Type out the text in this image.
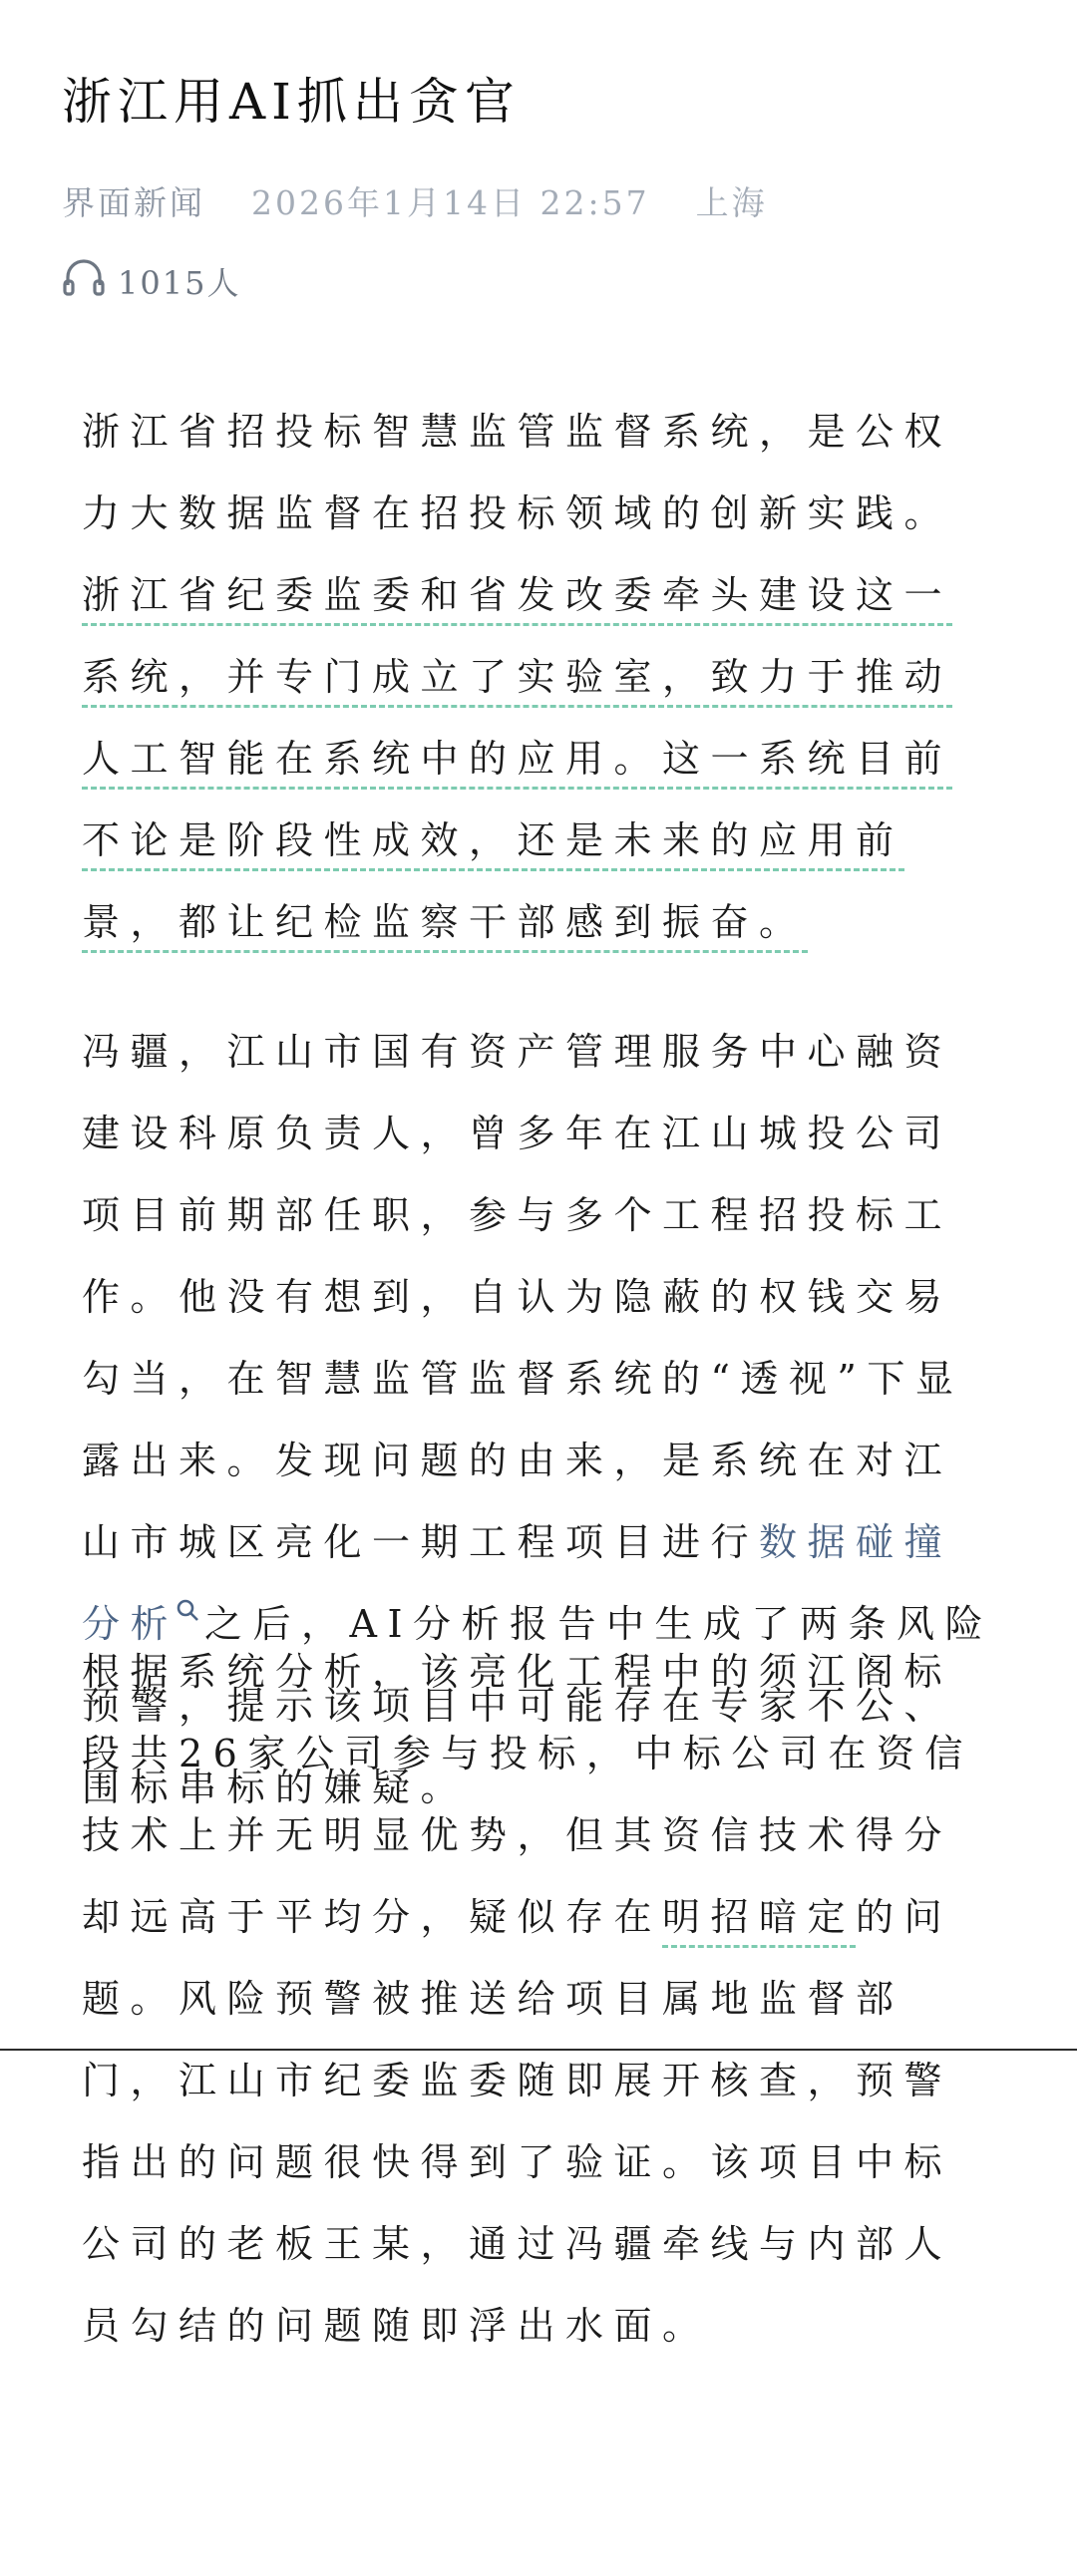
浙江用AI抓出贪官
界面新闻 2026年1月14日 22:57 上海
1015人

浙江省招投标智慧监管监督系统，是公权力大数据监督在招投标领域的创新实践。浙江省纪委监委和省发改委牵头建设这一系统，并专门成立了实验室，致力于推动人工智能在系统中的应用。这一系统目前不论是阶段性成效，还是未来的应用前景，都让纪检监察干部感到振奋。

冯疆，江山市国有资产管理服务中心融资建设科原负责人，曾多年在江山城投公司项目前期部任职，参与多个工程招投标工作。他没有想到，自认为隐蔽的权钱交易勾当，在智慧监管监督系统的“透视”下显露出来。发现问题的由来，是系统在对江山市城区亮化一期工程项目进行数据碰撞分析 之后，AI分析报告中生成了两条风险预警，提示该项目中可能存在专家不公、围标串标的嫌疑。

根据系统分析，该亮化工程中的须江阁标段共26家公司参与投标，中标公司在资信技术上并无明显优势，但其资信技术得分却远高于平均分，疑似存在明招暗定的问题。风险预警被推送给项目属地监督部门，江山市纪委监委随即展开核查，预警指出的问题很快得到了验证。该项目中标公司的老板王某，通过冯疆牵线与内部人员勾结的问题随即浮出水面。
